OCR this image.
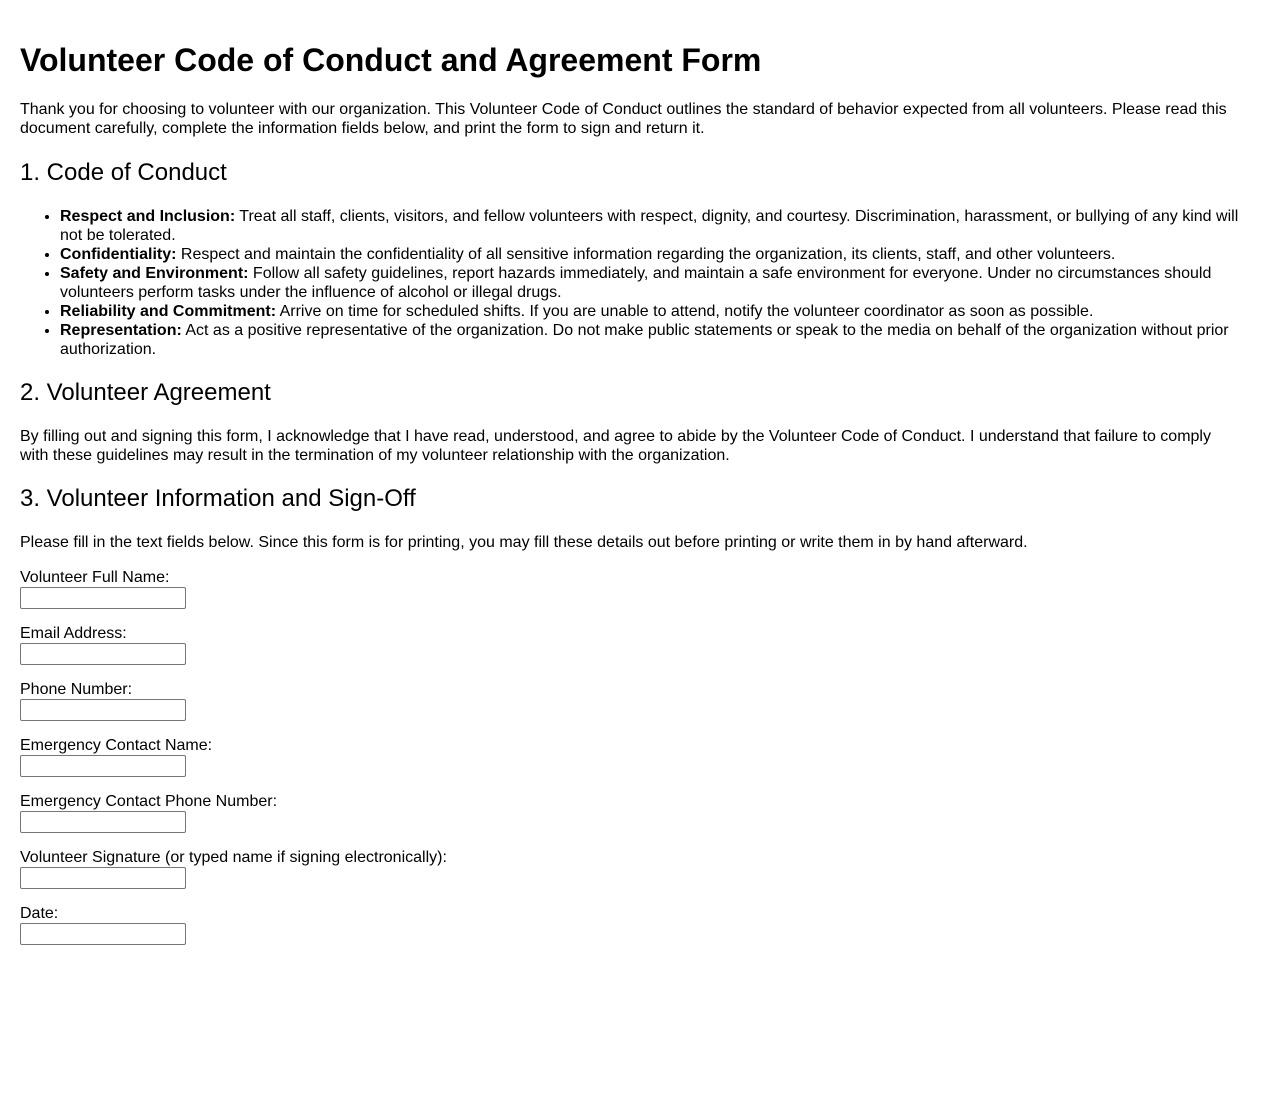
Volunteer Code of Conduct and Agreement Form

Thank you for choosing to volunteer with our organization. This Volunteer Code of Conduct outlines the standard of behavior expected from all volunteers. Please read this document carefully, complete the information fields below, and print the form to sign and return it.

1. Code of Conduct
• Respect and Inclusion: Treat all staff, clients, visitors, and fellow volunteers with respect, dignity, and courtesy. Discrimination, harassment, or bullying of any kind will not be tolerated.
• Confidentiality: Respect and maintain the confidentiality of all sensitive information regarding the organization, its clients, staff, and other volunteers.
• Safety and Environment: Follow all safety guidelines, report hazards immediately, and maintain a safe environment for everyone. Under no circumstances should volunteers perform tasks under the influence of alcohol or illegal drugs.
• Reliability and Commitment: Arrive on time for scheduled shifts. If you are unable to attend, notify the volunteer coordinator as soon as possible.
• Representation: Act as a positive representative of the organization. Do not make public statements or speak to the media on behalf of the organization without prior authorization.
2. Volunteer Agreement

By filling out and signing this form, I acknowledge that I have read, understood, and agree to abide by the Volunteer Code of Conduct. I understand that failure to comply with these guidelines may result in the termination of my volunteer relationship with the organization.

3. Volunteer Information and Sign-Off

Please fill in the text fields below. Since this form is for printing, you may fill these details out before printing or write them in by hand afterward.

Volunteer Full Name:
Email Address:
Phone Number:
Emergency Contact Name:
Emergency Contact Phone Number:
Volunteer Signature (or typed name if signing electronically):
Date:
